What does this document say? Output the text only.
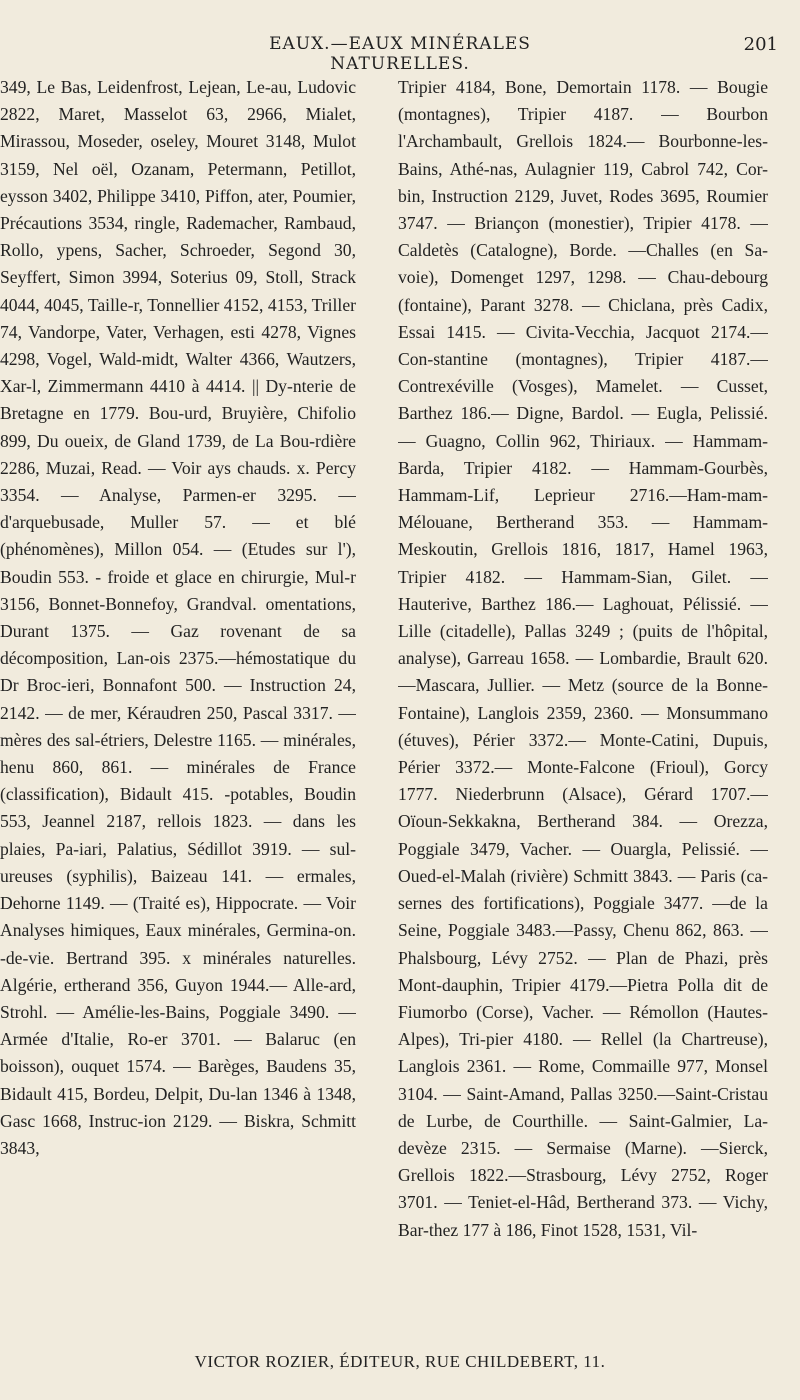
EAUX.—EAUX MINÉRALES NATURELLES.
201

349, Le Bas, Leidenfrost, Lejean, Le-au, Ludovic 2822, Maret, Masselot 63, 2966, Mialet, Mirassou, Moseder, oseley, Mouret 3148, Mulot 3159, Nel oël, Ozanam, Petermann, Petillot, eysson 3402, Philippe 3410, Piffon, ater, Poumier, Précautions 3534, ringle, Rademacher, Rambaud, Rollo, ypens, Sacher, Schroeder, Segond 30, Seyffert, Simon 3994, Soterius 09, Stoll, Strack 4044, 4045, Taille-r, Tonnellier 4152, 4153, Triller 74, Vandorpe, Vater, Verhagen, esti 4278, Vignes 4298, Vogel, Wald-midt, Walter 4366, Wautzers, Xar-l, Zimmermann 4410 à 4414. || Dy-nterie de Bretagne en 1779. Bou-urd, Bruyière, Chifolio 899, Du oueix, de Gland 1739, de La Bou-rdière 2286, Muzai, Read. — Voir ays chauds. x. Percy 3354. — Analyse, Parmen-er 3295. — d'arquebusade, Muller 57. — et blé (phénomènes), Millon 054. — (Etudes sur l'), Boudin 553. - froide et glace en chirurgie, Mul-r 3156, Bonnet-Bonnefoy, Grandval. omentations, Durant 1375. — Gaz rovenant de sa décomposition, Lan-ois 2375.—hémostatique du Dr Broc-ieri, Bonnafont 500. — Instruction 24, 2142. — de mer, Kéraudren 250, Pascal 3317. — mères des sal-étriers, Delestre 1165. — minérales, henu 860, 861. — minérales de France (classification), Bidault 415. -potables, Boudin 553, Jeannel 2187, rellois 1823. — dans les plaies, Pa-iari, Palatius, Sédillot 3919. — sul-ureuses (syphilis), Baizeau 141. — ermales, Dehorne 1149. — (Traité es), Hippocrate. — Voir Analyses himiques, Eaux minérales, Germina-on. -de-vie. Bertrand 395. x minérales naturelles. Algérie, ertherand 356, Guyon 1944.— Alle-ard, Strohl. — Amélie-les-Bains, Poggiale 3490. — Armée d'Italie, Ro-er 3701. — Balaruc (en boisson), ouquet 1574. — Barèges, Baudens 35, Bidault 415, Bordeu, Delpit, Du-lan 1346 à 1348, Gasc 1668, Instruc-ion 2129. — Biskra, Schmitt 3843,

Tripier 4184, Bone, Demortain 1178. — Bougie (montagnes), Tripier 4187. — Bourbon l'Archambault, Grellois 1824.— Bourbonne-les-Bains, Athé-nas, Aulagnier 119, Cabrol 742, Cor-bin, Instruction 2129, Juvet, Rodes 3695, Roumier 3747. — Briançon (monestier), Tripier 4178. — Caldetès (Catalogne), Borde. —Challes (en Sa-voie), Domenget 1297, 1298. — Chau-debourg (fontaine), Parant 3278. — Chiclana, près Cadix, Essai 1415. — Civita-Vecchia, Jacquot 2174.—Con-stantine (montagnes), Tripier 4187.— Contrexéville (Vosges), Mamelet. — Cusset, Barthez 186.— Digne, Bardol. — Eugla, Pelissié. — Guagno, Collin 962, Thiriaux. — Hammam-Barda, Tripier 4182. — Hammam-Gourbès, Hammam-Lif, Leprieur 2716.—Ham-mam-Mélouane, Bertherand 353. — Hammam-Meskoutin, Grellois 1816, 1817, Hamel 1963, Tripier 4182. — Hammam-Sian, Gilet. — Hauterive, Barthez 186.— Laghouat, Pélissié. — Lille (citadelle), Pallas 3249 ; (puits de l'hôpital, analyse), Garreau 1658. — Lombardie, Brault 620.—Mascara, Jullier. — Metz (source de la Bonne-Fontaine), Langlois 2359, 2360. — Monsummano (étuves), Périer 3372.— Monte-Catini, Dupuis, Périer 3372.— Monte-Falcone (Frioul), Gorcy 1777. Niederbrunn (Alsace), Gérard 1707.— Oïoun-Sekkakna, Bertherand 384. — Orezza, Poggiale 3479, Vacher. — Ouargla, Pelissié. — Oued-el-Malah (rivière) Schmitt 3843. — Paris (ca-sernes des fortifications), Poggiale 3477. —de la Seine, Poggiale 3483.—Passy, Chenu 862, 863. — Phalsbourg, Lévy 2752. — Plan de Phazi, près Mont-dauphin, Tripier 4179.—Pietra Polla dit de Fiumorbo (Corse), Vacher. — Rémollon (Hautes-Alpes), Tri-pier 4180. — Rellel (la Chartreuse), Langlois 2361. — Rome, Commaille 977, Monsel 3104. — Saint-Amand, Pallas 3250.—Saint-Cristau de Lurbe, de Courthille. — Saint-Galmier, La-devèze 2315. — Sermaise (Marne). —Sierck, Grellois 1822.—Strasbourg, Lévy 2752, Roger 3701. — Teniet-el-Hâd, Bertherand 373. — Vichy, Bar-thez 177 à 186, Finot 1528, 1531, Vil-

VICTOR ROZIER, ÉDITEUR, RUE CHILDEBERT, 11.
